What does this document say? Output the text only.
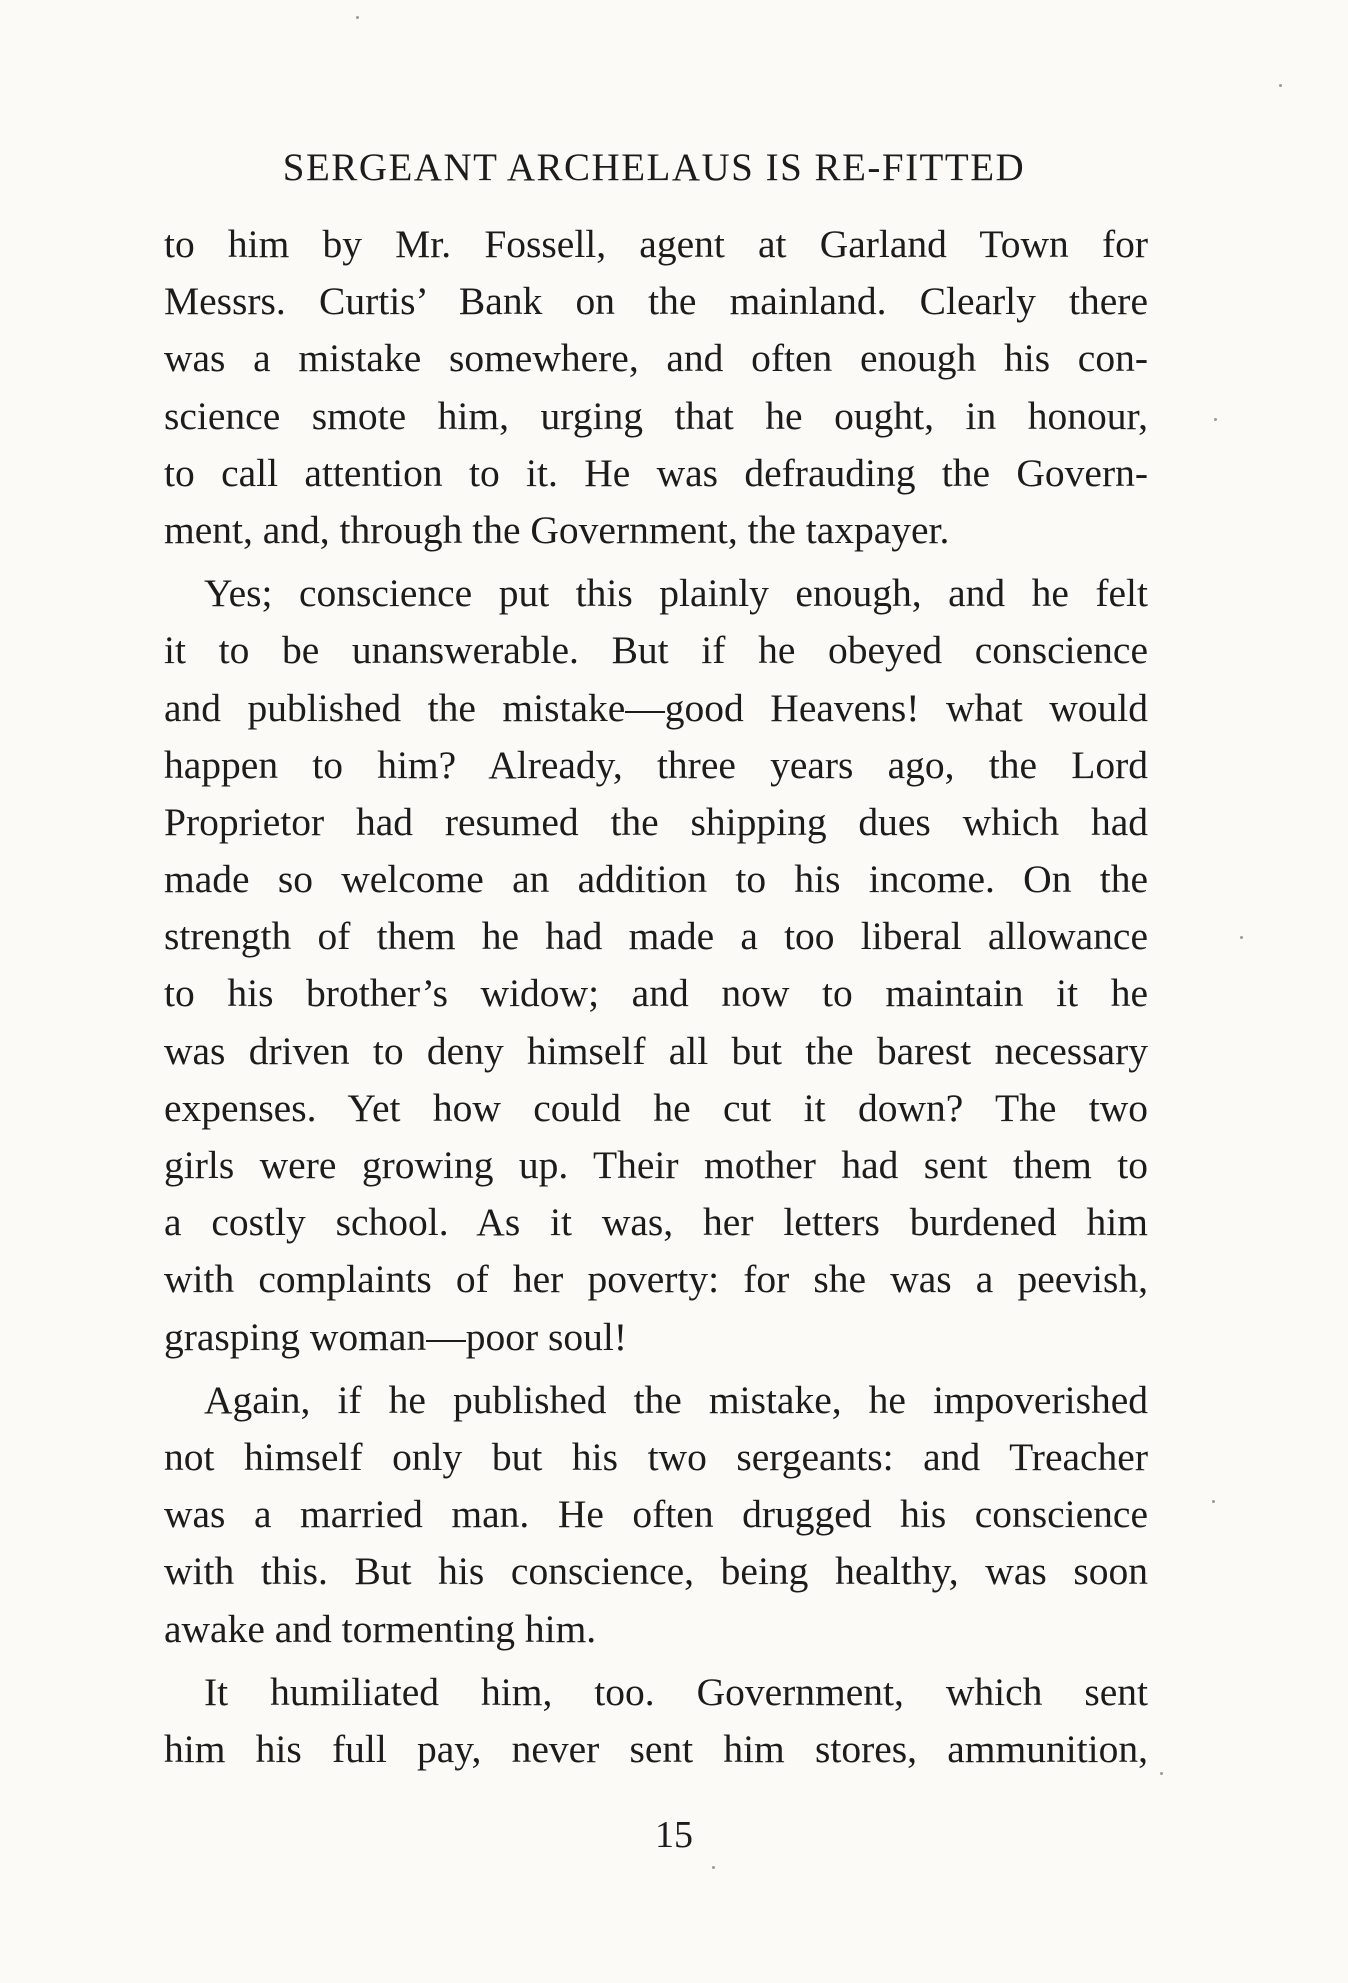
SERGEANT ARCHELAUS IS RE-FITTED
to him by Mr. Fossell, agent at Garland Town for
Messrs. Curtis’ Bank on the mainland. Clearly there
was a mistake somewhere, and often enough his con-
science smote him, urging that he ought, in honour,
to call attention to it. He was defrauding the Govern-
ment, and, through the Government, the taxpayer.
Yes; conscience put this plainly enough, and he felt
it to be unanswerable. But if he obeyed conscience
and published the mistake—good Heavens! what would
happen to him? Already, three years ago, the Lord
Proprietor had resumed the shipping dues which had
made so welcome an addition to his income. On the
strength of them he had made a too liberal allowance
to his brother’s widow; and now to maintain it he
was driven to deny himself all but the barest necessary
expenses. Yet how could he cut it down? The two
girls were growing up. Their mother had sent them to
a costly school. As it was, her letters burdened him
with complaints of her poverty: for she was a peevish,
grasping woman—poor soul!
Again, if he published the mistake, he impoverished
not himself only but his two sergeants: and Treacher
was a married man. He often drugged his conscience
with this. But his conscience, being healthy, was soon
awake and tormenting him.
It humiliated him, too. Government, which sent
him his full pay, never sent him stores, ammunition,
15
